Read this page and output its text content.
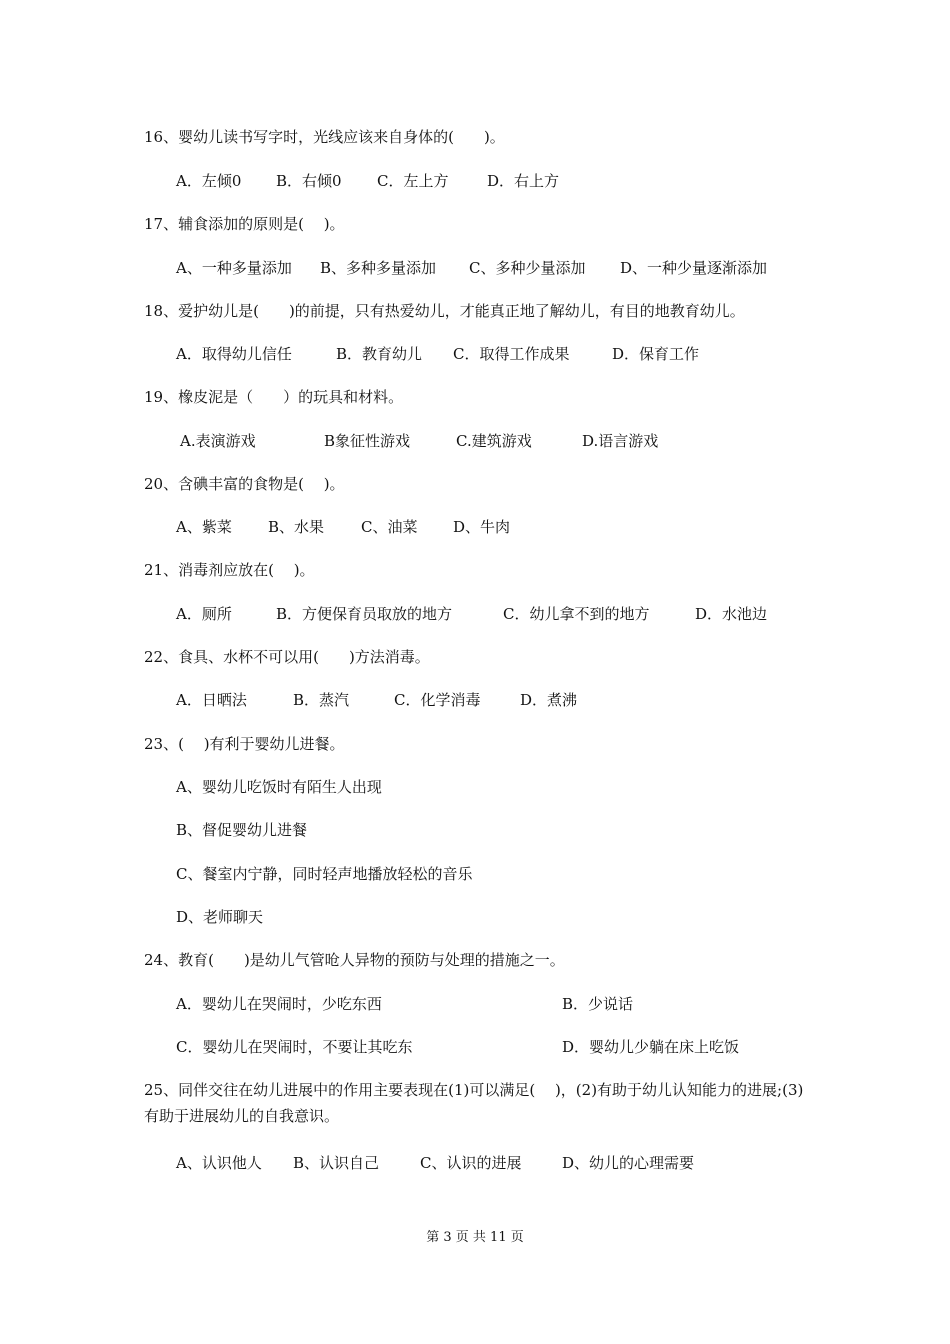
16、婴幼儿读书写字时，光线应该来自身体的(　　)。
A．左倾0 B．右倾0 C．左上方	D．右上方
17、辅食添加的原则是(　 )。
A、一种多量添加 B、多种多量添加 C、多种少量添加 D、一种少量逐渐添加
18、爱护幼儿是(　　)的前提，只有热爱幼儿，才能真正地了解幼儿，有目的地教育幼儿。
A．取得幼儿信任	B．教育幼儿 C．取得工作成果	D．保育工作
19、橡皮泥是（　　）的玩具和材料。
A.表演游戏	B象征性游戏	C.建筑游戏	D.语言游戏
20、含碘丰富的食物是(　 )。
A、紫菜 B、水果 C、油菜 D、牛肉
21、消毒剂应放在(　 )。
A．厕所	B．方便保育员取放的地方	C．幼儿拿不到的地方	D．水池边
22、食具、水杯不可以用(　　)方法消毒。
A．日晒法	B．蒸汽	C．化学消毒	D．煮沸
23、(　 )有利于婴幼儿进餐。
A、婴幼儿吃饭时有陌生人出现
B、督促婴幼儿进餐
C、餐室内宁静，同时轻声地播放轻松的音乐
D、老师聊天
24、教育(　　)是幼儿气管呛人异物的预防与处理的措施之一。
A．婴幼儿在哭闹时，少吃东西	B．少说话
C．婴幼儿在哭闹时，不要让其吃东	D．婴幼儿少躺在床上吃饭
25、同伴交往在幼儿进展中的作用主要表现在(1)可以满足(　 )，(2)有助于幼儿认知能力的进展;(3)有助于进展幼儿的自我意识。
A、认识他人 B、认识自己	C、认识的进展	D、幼儿的心理需要
第 3 页 共 11 页
